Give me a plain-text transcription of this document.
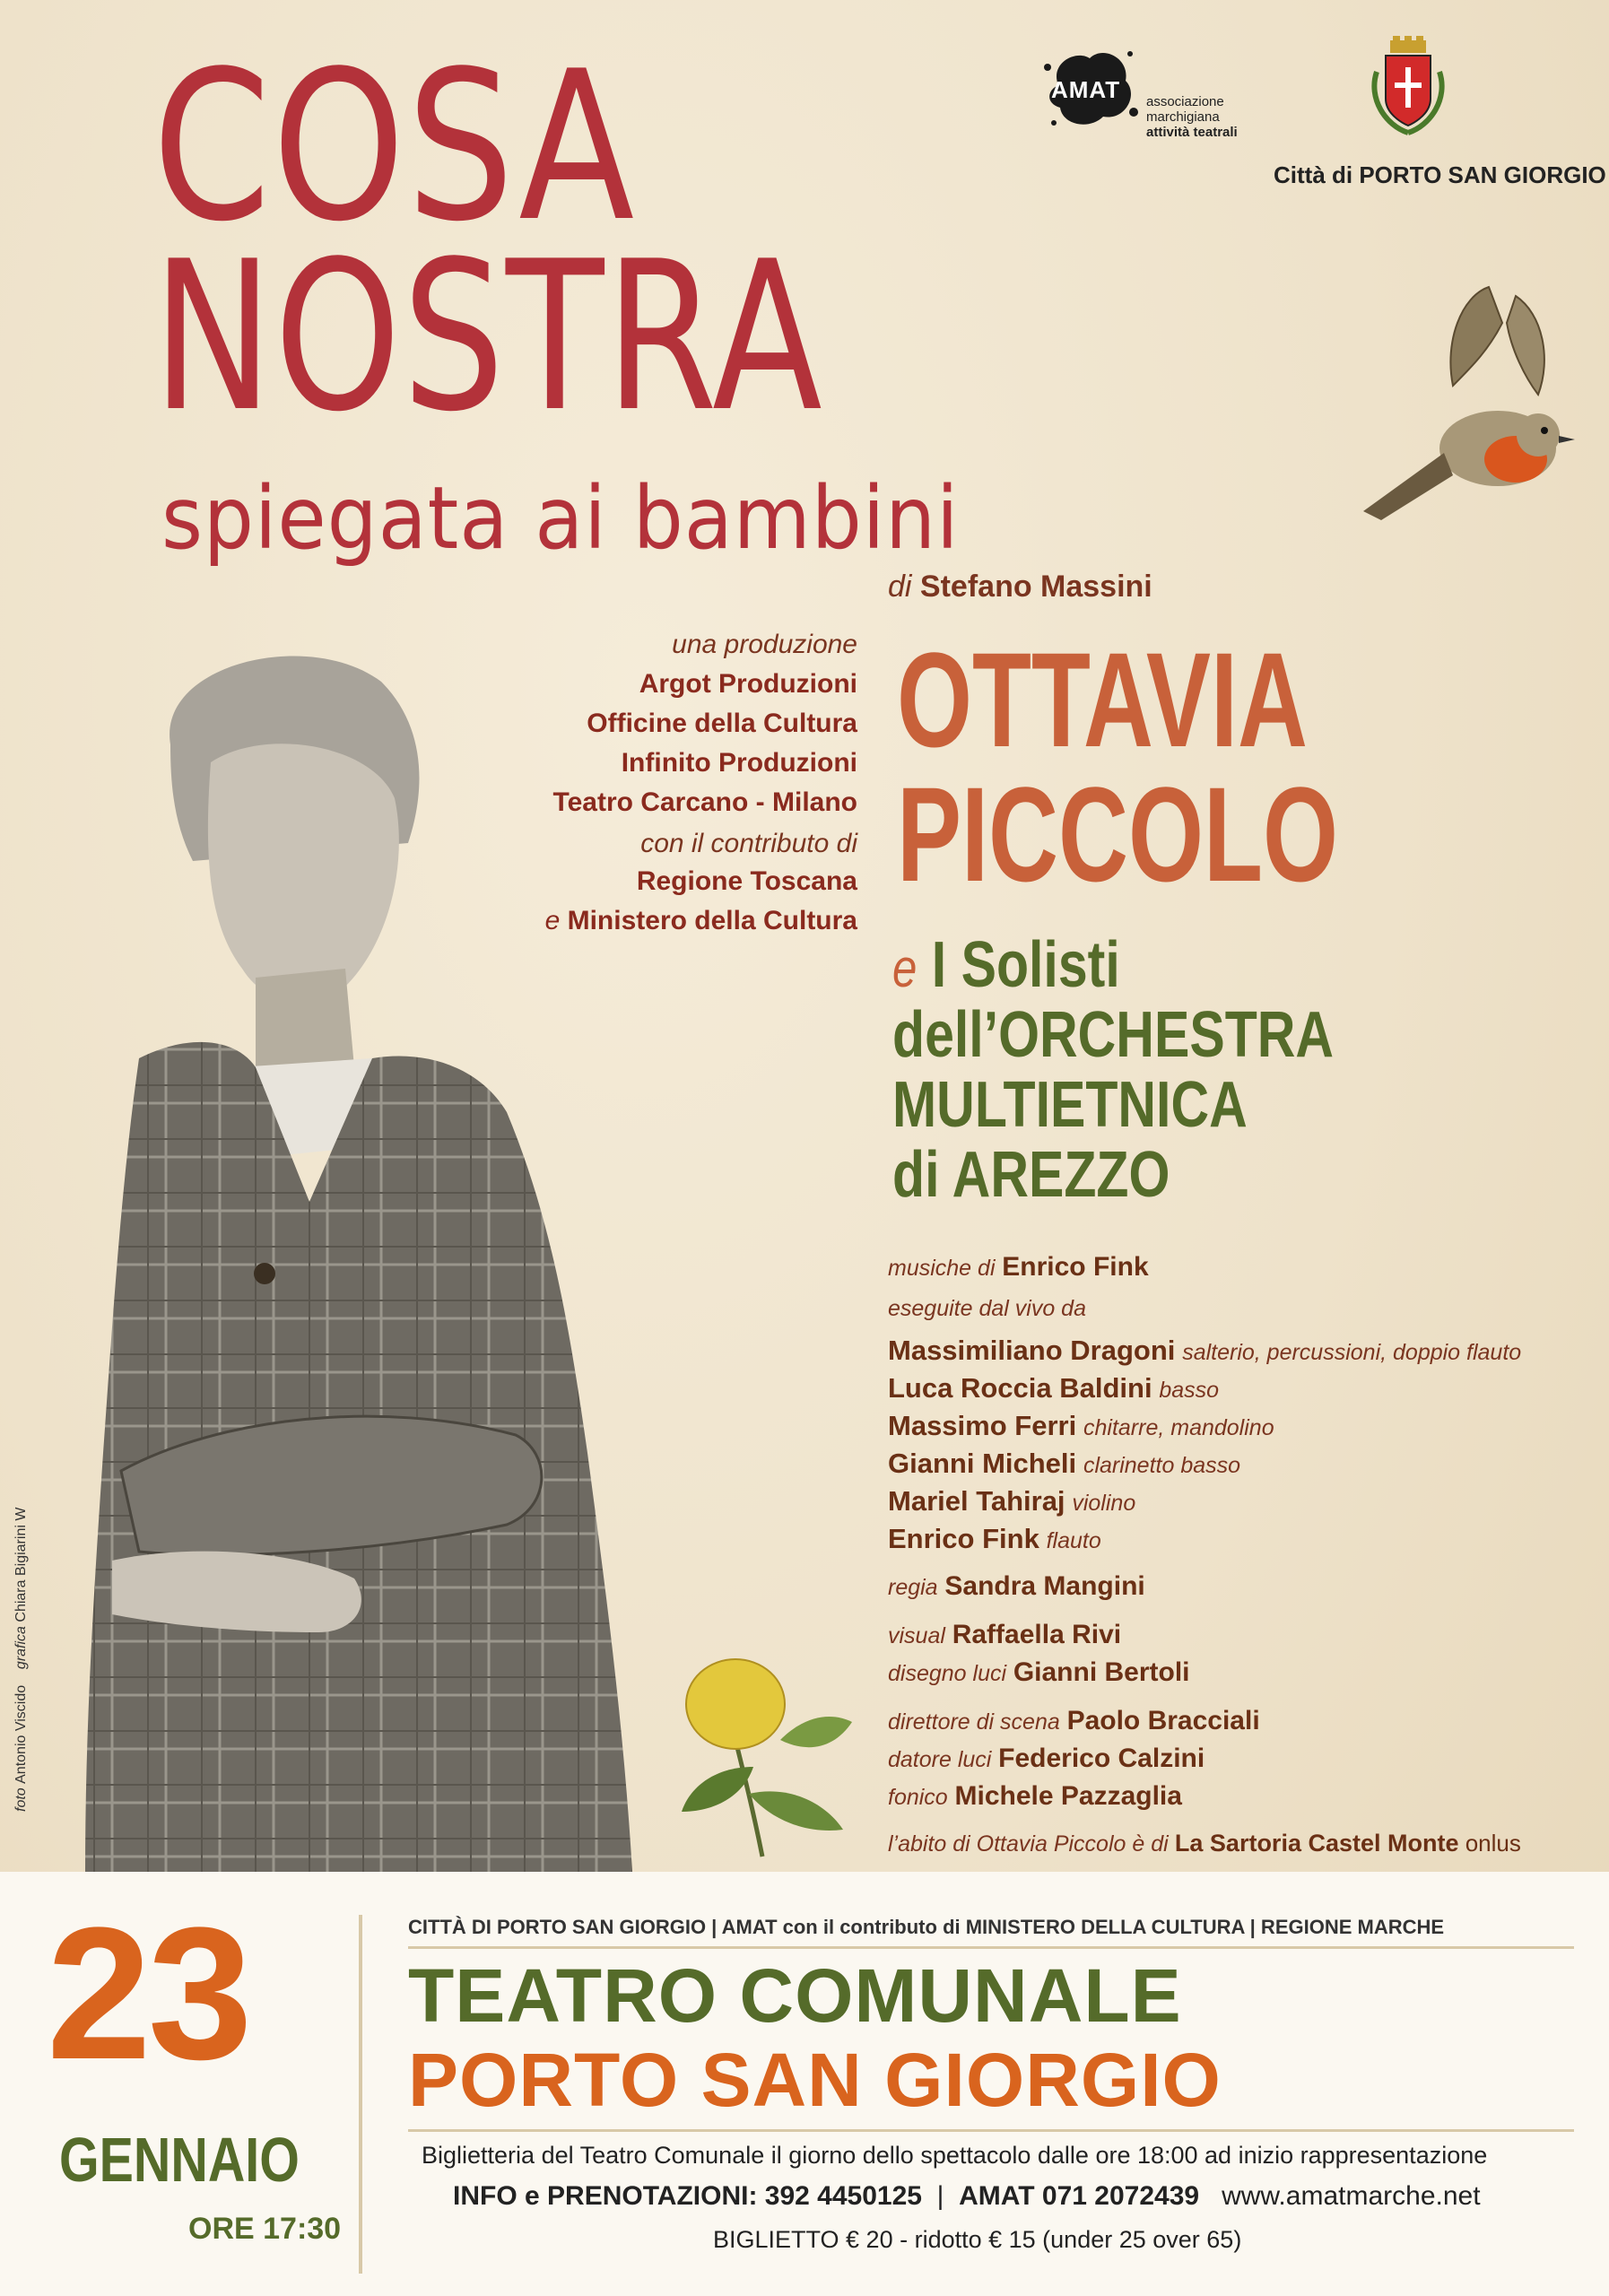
COSA
NOSTRA
spiegata ai bambini
di Stefano Massini
AMAT associazione
marchigiana
attività teatrali
Città di PORTO SAN GIORGIO
una produzione
Argot Produzioni
Officine della Cultura
Infinito Produzioni
Teatro Carcano - Milano
con il contributo di
Regione Toscana
e Ministero della Cultura
OTTAVIA
PICCOLO
e I Solisti
dell’ORCHESTRA
MULTIETNICA
di AREZZO
musiche di Enrico Fink
eseguite dal vivo da
Massimiliano Dragoni salterio, percussioni, doppio flauto
Luca Roccia Baldini basso
Massimo Ferri chitarre, mandolino
Gianni Micheli clarinetto basso
Mariel Tahiraj violino
Enrico Fink flauto
regia Sandra Mangini
visual Raffaella Rivi
disegno luci Gianni Bertoli
direttore di scena Paolo Bracciali
datore luci Federico Calzini
fonico Michele Pazzaglia
l’abito di Ottavia Piccolo è di La Sartoria Castel Monte onlus
foto Antonio Viscido    grafica Chiara Bigiarini W
23
GENNAIO
ORE 17:30
CITTÀ DI PORTO SAN GIORGIO | AMAT con il contributo di MINISTERO DELLA CULTURA | REGIONE MARCHE
TEATRO COMUNALE
PORTO SAN GIORGIO
Biglietteria del Teatro Comunale il giorno dello spettacolo dalle ore 18:00 ad inizio rappresentazione
INFO e PRENOTAZIONI: 392 4450125  |  AMAT 071 2072439 www.amatmarche.net
BIGLIETTO € 20 - ridotto € 15 (under 25 over 65)
